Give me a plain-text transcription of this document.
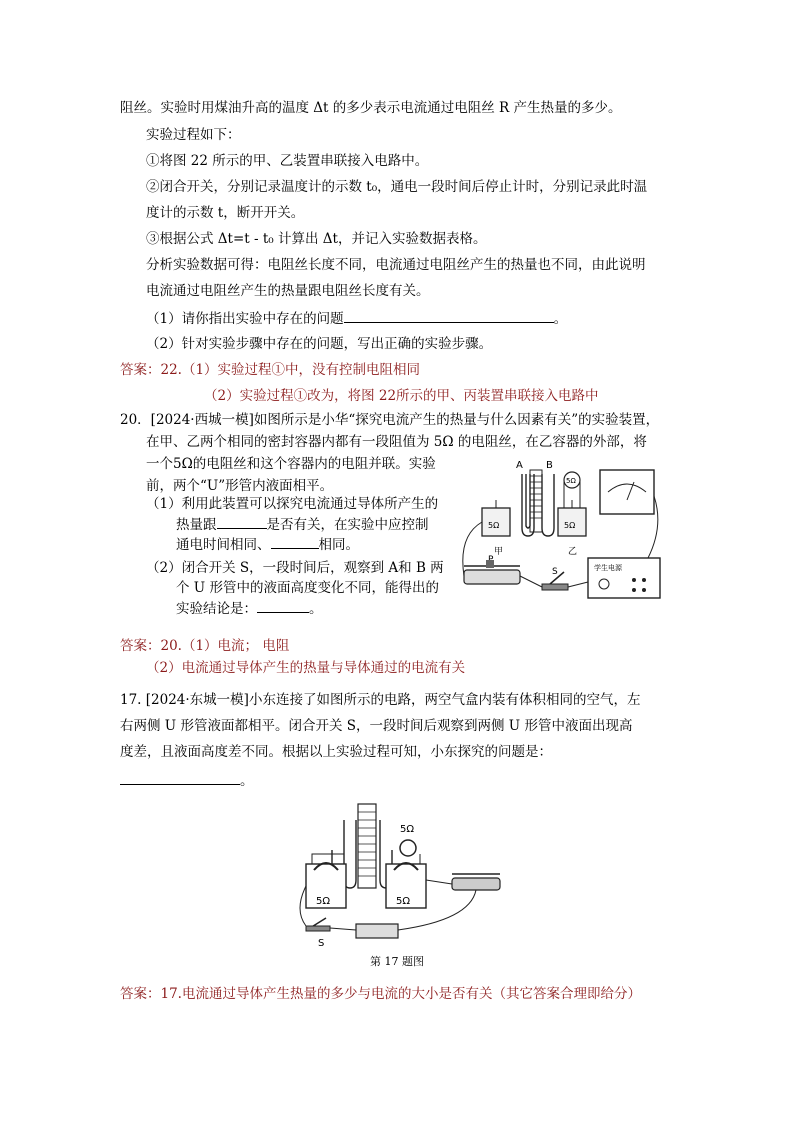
阻丝。实验时用煤油升高的温度 Δt 的多少表示电流通过电阻丝 R 产生热量的多少。
实验过程如下：
①将图 22 所示的甲、乙装置串联接入电路中。
②闭合开关，分别记录温度计的示数 t₀，通电一段时间后停止计时，分别记录此时温
度计的示数 t，断开开关。
③根据公式 Δt=t - t₀ 计算出 Δt，并记入实验数据表格。
分析实验数据可得：电阻丝长度不同，电流通过电阻丝产生的热量也不同，由此说明
电流通过电阻丝产生的热量跟电阻丝长度有关。
（1）请你指出实验中存在的问题	。
（2）针对实验步骤中存在的问题，写出正确的实验步骤。
答案：22.（1）实验过程①中，没有控制电阻相同
（2）实验过程①改为，将图 22所示的甲、丙装置串联接入电路中
20．[2024·西城一模]如图所示是小华“探究电流产生的热量与什么因素有关”的实验装置，
在甲、乙两个相同的密封容器内都有一段阻值为 5Ω 的电阻丝，在乙容器的外部，将
一个5Ω的电阻丝和这个容器内的电阻并联。实验
前，两个“U”形管内液面相平。
（1）利用此装置可以探究电流通过导体所产生的
热量跟	是否有关，在实验中应控制
通电时间相同、	相同。
（2）闭合开关 S，一段时间后，观察到 A和 B 两
个 U 形管中的液面高度变化不同，能得出的
实验结论是：	。
A B
5Ω	5Ω
5Ω
甲	乙
S	学生电源
答案：20.（1）电流； 电阻
（2）电流通过导体产生的热量与导体通过的电流有关
17. [2024·东城一模]小东连接了如图所示的电路，两空气盒内装有体积相同的空气，左
右两侧 U 形管液面都相平。闭合开关 S，一段时间后观察到两侧 U 形管中液面出现高
度差，且液面高度差不同。根据以上实验过程可知，小东探究的问题是：
。
5Ω	5Ω
5Ω
S
第 17 题图
答案：17.电流通过导体产生热量的多少与电流的大小是否有关（其它答案合理即给分）
